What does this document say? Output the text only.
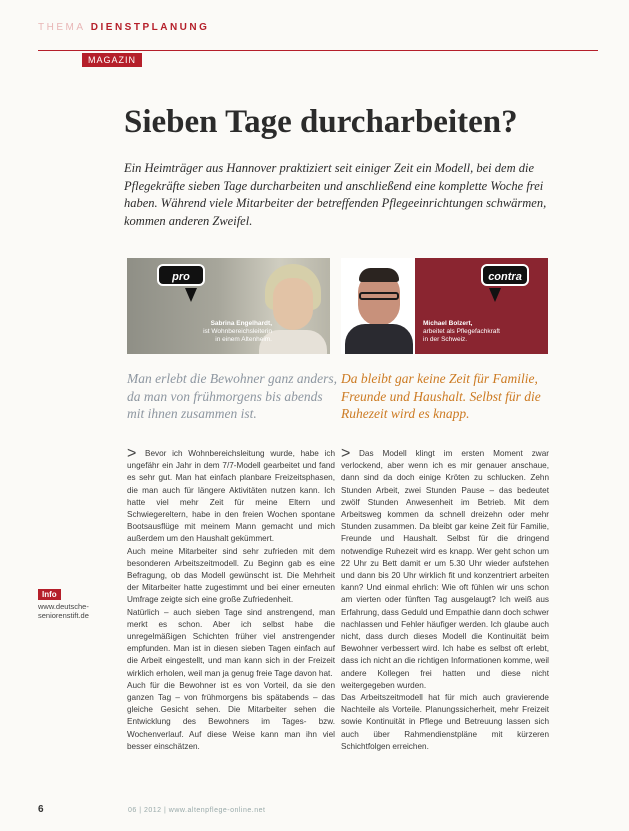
THEMA DIENSTPLANUNG
MAGAZIN
Sieben Tage durcharbeiten?

Ein Heimträger aus Hannover praktiziert seit einiger Zeit ein Modell, bei dem die Pflegekräfte sieben Tage durcharbeiten und anschließend eine komplette Woche frei haben. Während viele Mitarbeiter der betreffenden Pflegeeinrichtungen schwärmen, kommen anderen Zweifel.

pro
Sabrina Engelhardt,
ist Wohnbereichsleiterin
in einem Altenheim.
contra
Michael Bolzert,
arbeitet als Pflegefachkraft
in der Schweiz.

Man erlebt die Bewohner ganz anders, da man von frühmorgens bis abends mit ihnen zusammen ist.

Da bleibt gar keine Zeit für Familie, Freunde und Haushalt. Selbst für die Ruhezeit wird es knapp.

>	Bevor ich Wohnbereichsleitung wurde, habe ich ungefähr ein Jahr in dem 7/7-Modell gearbeitet und fand es sehr gut. Man hat einfach planbare Freizeitsphasen, die man auch für längere Aktivitäten nutzen kann. Ich hatte viel mehr Zeit für meine Eltern und Schwiegereltern, habe in den freien Wochen spontane Bootsausflüge mit meinem Mann gemacht und mich außerdem um den Haushalt gekümmert.

Auch meine Mitarbeiter sind sehr zufrieden mit dem besonderen Arbeitszeitmodell. Zu Beginn gab es eine Befragung, ob das Modell gewünscht ist. Die Mehrheit der Mitarbeiter hatte zugestimmt und bei einer erneuten Umfrage zeigte sich eine große Zufriedenheit.

Natürlich – auch sieben Tage sind anstrengend, man merkt es schon. Aber ich selbst habe die unregelmäßigen Schichten früher viel anstrengender empfunden. Man ist in diesen sieben Tagen einfach auf die Arbeit eingestellt, und man kann sich in der Freizeit wirklich erholen, weil man ja genug freie Tage davon hat.

Auch für die Bewohner ist es von Vorteil, da sie den ganzen Tag – von frühmorgens bis spätabends – das gleiche Gesicht sehen. Die Mitarbeiter sehen die Entwicklung des Bewohners im Tages- bzw. Wochenverlauf. Auf diese Weise kann man ihn viel besser einschätzen.

>	Das Modell klingt im ersten Moment zwar verlockend, aber wenn ich es mir genauer anschaue, dann sind da doch einige Kröten zu schlucken. Zehn Stunden Arbeit, zwei Stunden Pause – das bedeutet zwölf Stunden Anwesenheit im Betrieb. Mit dem Arbeitsweg kommen da schnell dreizehn oder mehr Stunden zusammen. Da bleibt gar keine Zeit für Familie, Freunde und Haushalt. Selbst für die dringend notwendige Ruhezeit wird es knapp. Wer geht schon um 22 Uhr zu Bett damit er um 5.30 Uhr wieder aufstehen und dann bis 20 Uhr wirklich fit und konzentriert arbeiten kann? Und einmal ehrlich: Wie oft fühlen wir uns schon am vierten oder fünften Tag ausgelaugt? Ich weiß aus Erfahrung, dass Geduld und Empathie dann doch schwer nachlassen und Fehler häufiger werden. Ich glaube auch nicht, dass durch dieses Modell die Kontinuität beim Bewohner verbessert wird. Ich habe es selbst oft erlebt, dass ich nicht an die richtigen Informationen komme, weil andere Kollegen frei hatten und diese nicht weitergegeben wurden.

Das Arbeitszeitmodell hat für mich auch gravierende Nachteile als Vorteile. Planungssicherheit, mehr Freizeit sowie Kontinuität in Pflege und Betreuung lassen sich auch über Rahmendienstpläne mit kürzeren Schichtfolgen erreichen.

Info
www.deutsche-
seniorenstift.de
6	06 | 2012 | www.altenpflege-online.net
